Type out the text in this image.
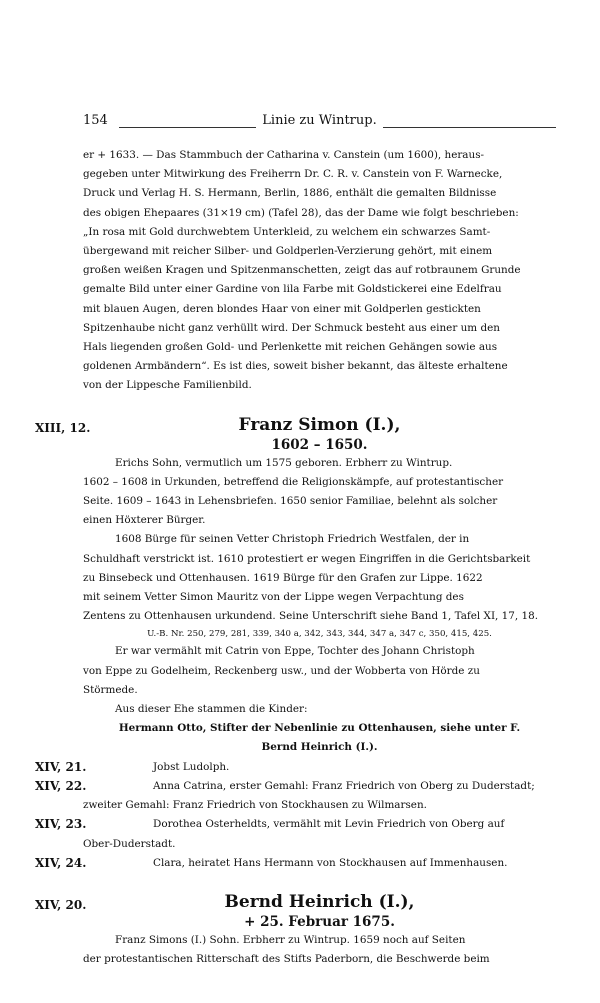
154	Linie zu Wintrup.
er + 1633. — Das Stammbuch der Catharina v. Canstein (um 1600), heraus-
gegeben unter Mitwirkung des Freiherrn Dr. C. R. v. Canstein von F. Warnecke,
Druck und Verlag H. S. Hermann, Berlin, 1886, enthält die gemalten Bildnisse
des obigen Ehepaares (31×19 cm) (Tafel 28), das der Dame wie folgt beschrieben:
„In rosa mit Gold durchwebtem Unterkleid, zu welchem ein schwarzes Samt-
übergewand mit reicher Silber- und Goldperlen-Verzierung gehört, mit einem
großen weißen Kragen und Spitzenmanschetten, zeigt das auf rotbraunem Grunde
gemalte Bild unter einer Gardine von lila Farbe mit Goldstickerei eine Edelfrau
mit blauen Augen, deren blondes Haar von einer mit Goldperlen gestickten
Spitzenhaube nicht ganz verhüllt wird. Der Schmuck besteht aus einer um den
Hals liegenden großen Gold- und Perlenkette mit reichen Gehängen sowie aus
goldenen Armbändern“. Es ist dies, soweit bisher bekannt, das älteste erhaltene
von der Lippesche Familienbild.
XIII, 12.	Franz Simon (I.),
1602 – 1650.
Erichs Sohn, vermutlich um 1575 geboren. Erbherr zu Wintrup.
1602 – 1608 in Urkunden, betreffend die Religionskämpfe, auf protestantischer
Seite. 1609 – 1643 in Lehensbriefen. 1650 senior Familiae, belehnt als solcher
einen Höxterer Bürger.
1608 Bürge für seinen Vetter Christoph Friedrich Westfalen, der in
Schuldhaft verstrickt ist. 1610 protestiert er wegen Eingriffen in die Gerichtsbarkeit
zu Binsebeck und Ottenhausen. 1619 Bürge für den Grafen zur Lippe. 1622
mit seinem Vetter Simon Mauritz von der Lippe wegen Verpachtung des
Zentens zu Ottenhausen urkundend. Seine Unterschrift siehe Band 1, Tafel XI, 17, 18.
U.-B. Nr. 250, 279, 281, 339, 340 a, 342, 343, 344, 347 a, 347 c, 350, 415, 425.
Er war vermählt mit Catrin von Eppe, Tochter des Johann Christoph
von Eppe zu Godelheim, Reckenberg usw., und der Wobberta von Hörde zu
Störmede.
Aus dieser Ehe stammen die Kinder:
Hermann Otto, Stifter der Nebenlinie zu Ottenhausen, siehe unter F.
Bernd Heinrich (I.).
XIV, 21.	Jobst Ludolph.
XIV, 22.	Anna Catrina, erster Gemahl: Franz Friedrich von Oberg zu Duderstadt;
zweiter Gemahl: Franz Friedrich von Stockhausen zu Wilmarsen.
XIV, 23.	Dorothea Osterheldts, vermählt mit Levin Friedrich von Oberg auf
Ober-Duderstadt.
XIV, 24.	Clara, heiratet Hans Hermann von Stockhausen auf Immenhausen.
XIV, 20.	Bernd Heinrich (I.),
+ 25. Februar 1675.
Franz Simons (I.) Sohn. Erbherr zu Wintrup. 1659 noch auf Seiten
der protestantischen Ritterschaft des Stifts Paderborn, die Beschwerde beim
